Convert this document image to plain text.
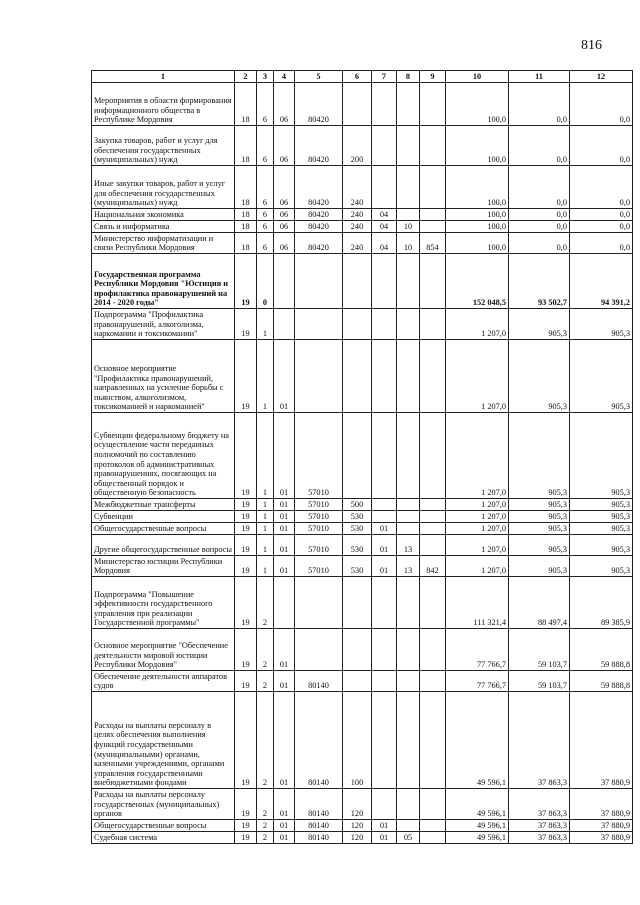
816
1	2	3	4	5	6	7	8	9	10	11	12
Мероприятия в области формирования информационного общества в Республике Мордовия	18	6	06	80420					100,0	0,0	0,0
Закупка товаров, работ и услуг для обеспечения государственных (муниципальных) нужд	18	6	06	80420	200				100,0	0,0	0,0
Иные закупки товаров, работ и услуг для обеспечения государственных (муниципальных) нужд	18	6	06	80420	240				100,0	0,0	0,0
Национальная экономика	18	6	06	80420	240	04			100,0	0,0	0,0
Связь и информатика	18	6	06	80420	240	04	10		100,0	0,0	0,0
Министерство информатизации и связи Республики Мордовия	18	6	06	80420	240	04	10	854	100,0	0,0	0,0
Государственная программа Республики Мордовия "Юстиция и профилактика правонарушений на 2014 - 2020 годы"	19	0							152 048,5	93 502,7	94 391,2
Подпрограмма "Профилактика правонарушений, алкоголизма, наркомании и токсикомании"	19	1							1 207,0	905,3	905,3
Основное мероприятие "Профилактика правонарушений, направленных на усиление борьбы с пьянством, алкоголизмом, токсикоманией и наркоманией"	19	1	01						1 207,0	905,3	905,3
Субвенции федеральному бюджету на осуществление части переданных полномочий по составлению протоколов об административных правонарушениях, посягающих на общественный порядок и общественную безопасность	19	1	01	57010					1 207,0	905,3	905,3
Межбюджетные трансферты	19	1	01	57010	500				1 207,0	905,3	905,3
Субвенции	19	1	01	57010	530				1 207,0	905,3	905,3
Общегосударственные вопросы	19	1	01	57010	530	01			1 207,0	905,3	905,3
Другие общегосударственные вопросы	19	1	01	57010	530	01	13		1 207,0	905,3	905,3
Министерство юстиции Республики Мордовия	19	1	01	57010	530	01	13	842	1 207,0	905,3	905,3
Подпрограмма "Повышение эффективности государственного управления при реализации Государственной программы"	19	2							111 321,4	88 497,4	89 385,9
Основное мероприятие "Обеспечение деятельности мировой юстиции Республики Мордовия"	19	2	01						77 766,7	59 103,7	59 888,8
Обеспечение деятельности аппаратов судов	19	2	01	80140					77 766,7	59 103,7	59 888,8
Расходы на выплаты персоналу в целях обеспечения выполнения функций государственными (муниципальными) органами, казенными учреждениями, органами управления государственными внебюджетными фондами	19	2	01	80140	100				49 596,1	37 863,3	37 880,9
Расходы на выплаты персоналу государственных (муниципальных) органов	19	2	01	80140	120				49 596,1	37 863,3	37 880,9
Общегосударственные вопросы	19	2	01	80140	120	01			49 596,1	37 863,3	37 880,9
Судебная система	19	2	01	80140	120	01	05		49 596,1	37 863,3	37 880,9
